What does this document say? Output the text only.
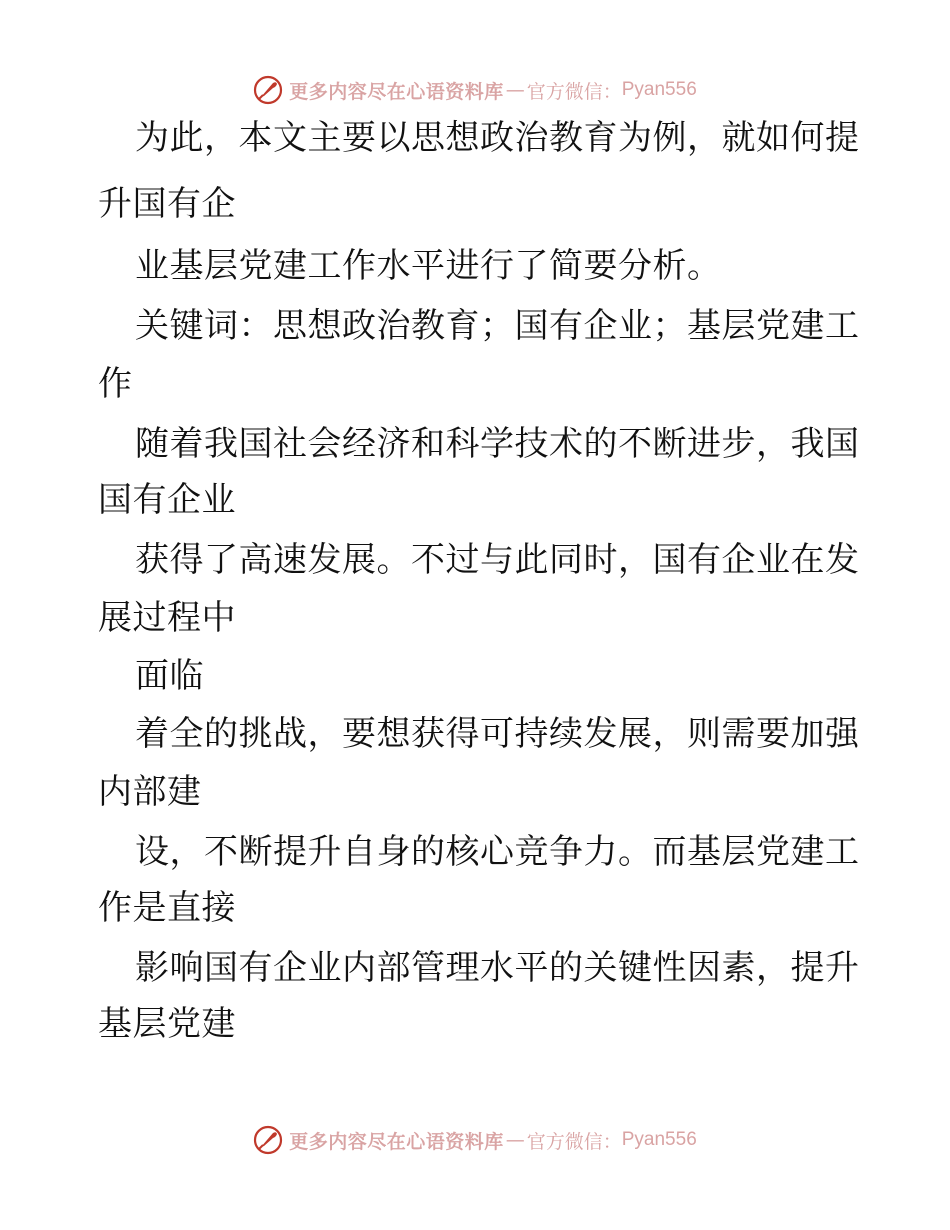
更多内容尽在心语资料库 — 官方微信： Pyan556
为此，本文主要以思想政治教育为例，就如何提
升国有企
业基层党建工作水平进行了简要分析。
关键词：思想政治教育；国有企业；基层党建工
作
随着我国社会经济和科学技术的不断进步，我国
国有企业
获得了高速发展。不过与此同时，国有企业在发
展过程中
面临
着全的挑战，要想获得可持续发展，则需要加强
内部建
设，不断提升自身的核心竞争力。而基层党建工
作是直接
影响国有企业内部管理水平的关键性因素，提升
基层党建
更多内容尽在心语资料库 — 官方微信： Pyan556
